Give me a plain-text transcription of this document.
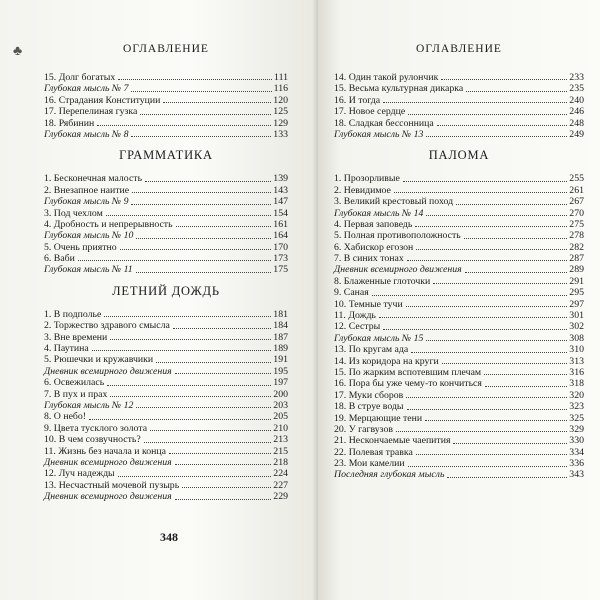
♣	ОГЛАВЛЕНИЕ
15. Долг богатых	111
Глубокая мысль № 7	116
16. Страдания Конституции	120
17. Перепелиная гузка	125
18. Рябинин	129
Глубокая мысль № 8	133
ГРАММАТИКА
1. Бесконечная малость	139
2. Внезапное наитие	143
Глубокая мысль № 9	147
3. Под чехлом	154
4. Дробность и непрерывность	161
Глубокая мысль № 10	164
5. Очень приятно	170
6. Ваби	173
Глубокая мысль № 11	175
ЛЕТНИЙ ДОЖДЬ
1. В подполье	181
2. Торжество здравого смысла	184
3. Вне времени	187
4. Паутина	189
5. Рюшечки и кружавчики	191
Дневник всемирного движения	195
6. Освежилась	197
7. В пух и прах	200
Глубокая мысль № 12	203
8. О небо!	205
9. Цвета тусклого золота	210
10. В чем созвучность?	213
11. Жизнь без начала и конца	215
Дневник всемирного движения	218
12. Луч надежды	224
13. Несчастный мочевой пузырь	227
Дневник всемирного движения	229
348
ОГЛАВЛЕНИЕ
14. Один такой рулончик	233
15. Весьма культурная дикарка	235
16. И тогда	240
17. Новое сердце	246
18. Сладкая бессонница	248
Глубокая мысль № 13	249
ПАЛОМА
1. Прозорливые	255
2. Невидимое	261
3. Великий крестовый поход	267
Глубокая мысль № 14	270
4. Первая заповедь	275
5. Полная противоположность	278
6. Хабискор егозон	282
7. В синих тонах	287
Дневник всемирного движения	289
8. Блаженные глоточки	291
9. Саная	295
10. Темные тучи	297
11. Дождь	301
12. Сестры	302
Глубокая мысль № 15	308
13. По кругам ада	310
14. Из коридора на круги	313
15. По жарким вспотевшим плечам	316
16. Пора бы уже чему-то кончиться	318
17. Муки сборов	320
18. В струе воды	323
19. Мерцающие тени	325
20. У гагвузов	329
21. Нескончаемые чаепития	330
22. Полевая травка	334
23. Мои камелии	336
Последняя глубокая мысль	343
